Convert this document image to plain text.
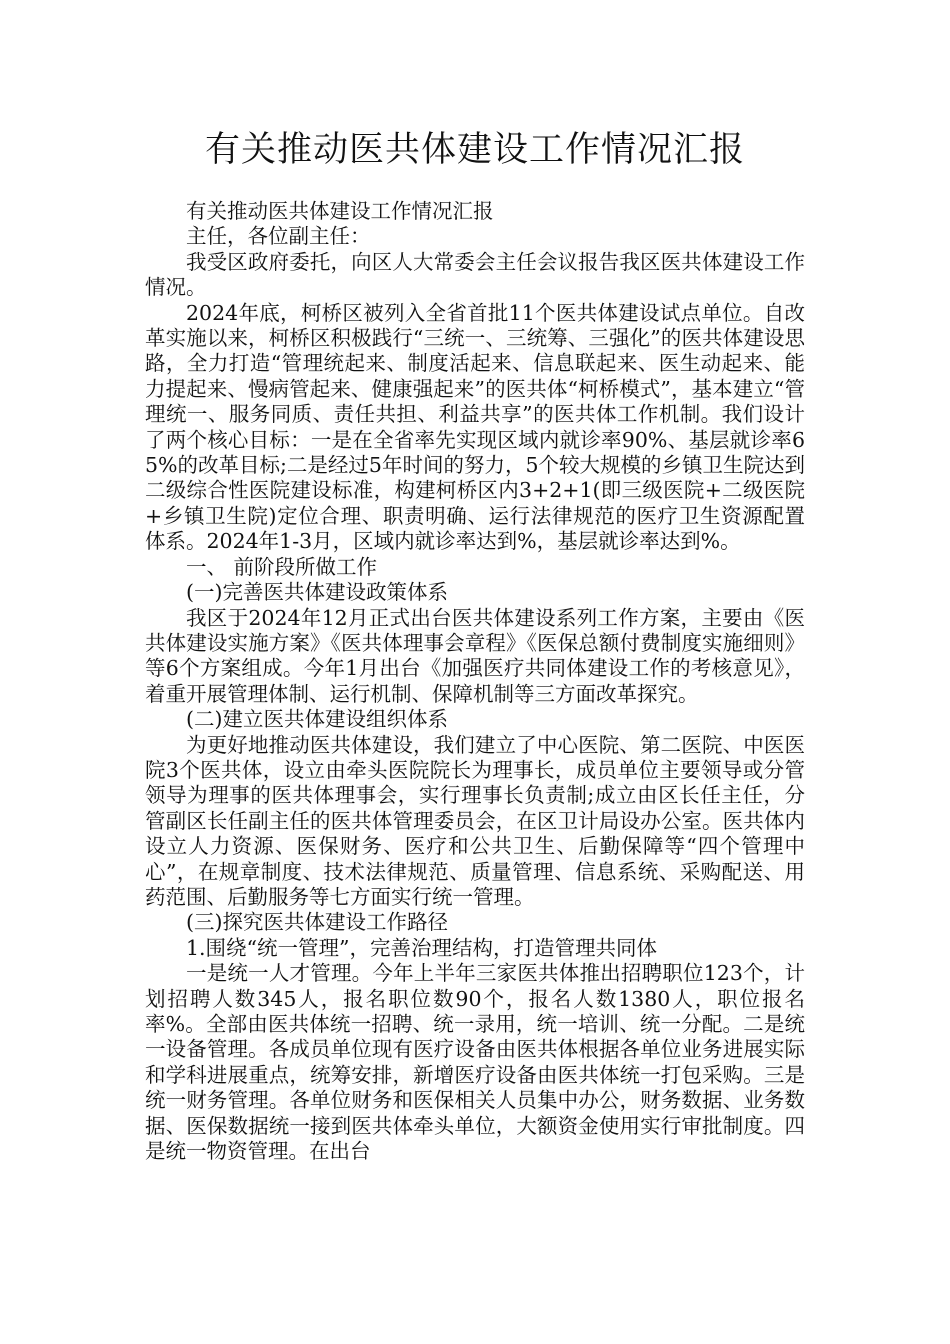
有关推动医共体建设工作情况汇报

有关推动医共体建设工作情况汇报

主任，各位副主任：

我受区政府委托，向区人大常委会主任会议报告我区医共体建设工作情况。

2024年底，柯桥区被列入全省首批11个医共体建设试点单位。自改革实施以来，柯桥区积极践行“三统一、三统筹、三强化”的医共体建设思路，全力打造“管理统起来、制度活起来、信息联起来、医生动起来、能力提起来、慢病管起来、健康强起来”的医共体“柯桥模式”，基本建立“管理统一、服务同质、责任共担、利益共享”的医共体工作机制。我们设计了两个核心目标：一是在全省率先实现区域内就诊率90%、基层就诊率65%的改革目标;二是经过5年时间的努力，5个较大规模的乡镇卫生院达到二级综合性医院建设标准，构建柯桥区内3+2+1(即三级医院+二级医院+乡镇卫生院)定位合理、职责明确、运行法律规范的医疗卫生资源配置体系。2024年1-3月，区域内就诊率达到%，基层就诊率达到%。

一、 前阶段所做工作

(一)完善医共体建设政策体系

我区于2024年12月正式出台医共体建设系列工作方案，主要由《医共体建设实施方案》《医共体理事会章程》《医保总额付费制度实施细则》等6个方案组成。今年1月出台《加强医疗共同体建设工作的考核意见》，着重开展管理体制、运行机制、保障机制等三方面改革探究。

(二)建立医共体建设组织体系

为更好地推动医共体建设，我们建立了中心医院、第二医院、中医医院3个医共体，设立由牵头医院院长为理事长，成员单位主要领导或分管领导为理事的医共体理事会，实行理事长负责制;成立由区长任主任，分管副区长任副主任的医共体管理委员会，在区卫计局设办公室。医共体内设立人力资源、医保财务、医疗和公共卫生、后勤保障等“四个管理中心”，在规章制度、技术法律规范、质量管理、信息系统、采购配送、用药范围、后勤服务等七方面实行统一管理。

(三)探究医共体建设工作路径

1.围绕“统一管理”，完善治理结构，打造管理共同体

一是统一人才管理。今年上半年三家医共体推出招聘职位123个，计划招聘人数345人，报名职位数90个，报名人数1380人，职位报名率%。全部由医共体统一招聘、统一录用，统一培训、统一分配。二是统一设备管理。各成员单位现有医疗设备由医共体根据各单位业务进展实际和学科进展重点，统筹安排，新增医疗设备由医共体统一打包采购。三是统一财务管理。各单位财务和医保相关人员集中办公，财务数据、业务数据、医保数据统一接到医共体牵头单位，大额资金使用实行审批制度。四是统一物资管理。在出台
